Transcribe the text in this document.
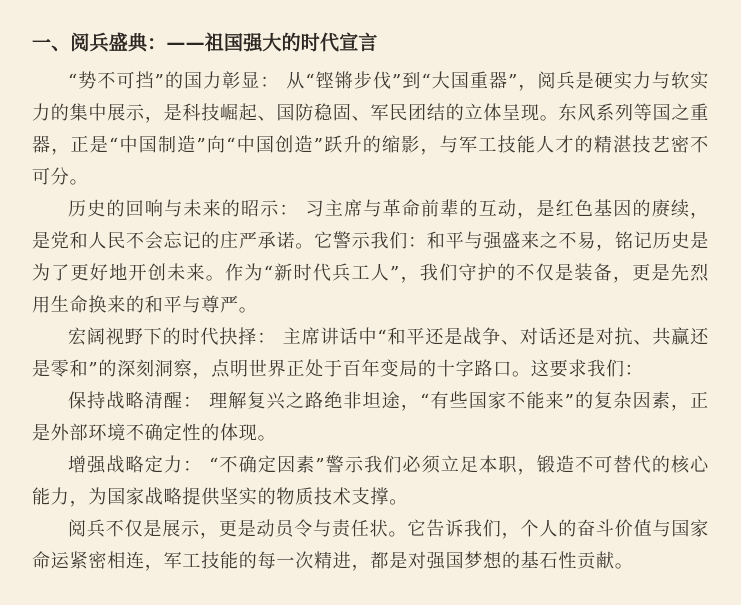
一、阅兵盛典：——祖国强大的时代宣言

“势不可挡”的国力彰显： 从“铿锵步伐”到“大国重器”，阅兵是硬实力与软实力的集中展示，是科技崛起、国防稳固、军民团结的立体呈现。东风系列等国之重器，正是“中国制造”向“中国创造”跃升的缩影，与军工技能人才的精湛技艺密不可分。

历史的回响与未来的昭示： 习主席与革命前辈的互动，是红色基因的赓续，是党和人民不会忘记的庄严承诺。它警示我们：和平与强盛来之不易，铭记历史是为了更好地开创未来。作为“新时代兵工人”，我们守护的不仅是装备，更是先烈用生命换来的和平与尊严。

宏阔视野下的时代抉择： 主席讲话中“和平还是战争、对话还是对抗、共赢还是零和”的深刻洞察，点明世界正处于百年变局的十字路口。这要求我们：

保持战略清醒： 理解复兴之路绝非坦途，“有些国家不能来”的复杂因素，正是外部环境不确定性的体现。

增强战略定力： “不确定因素”警示我们必须立足本职，锻造不可替代的核心能力，为国家战略提供坚实的物质技术支撑。

阅兵不仅是展示，更是动员令与责任状。它告诉我们，个人的奋斗价值与国家命运紧密相连，军工技能的每一次精进，都是对强国梦想的基石性贡献。
